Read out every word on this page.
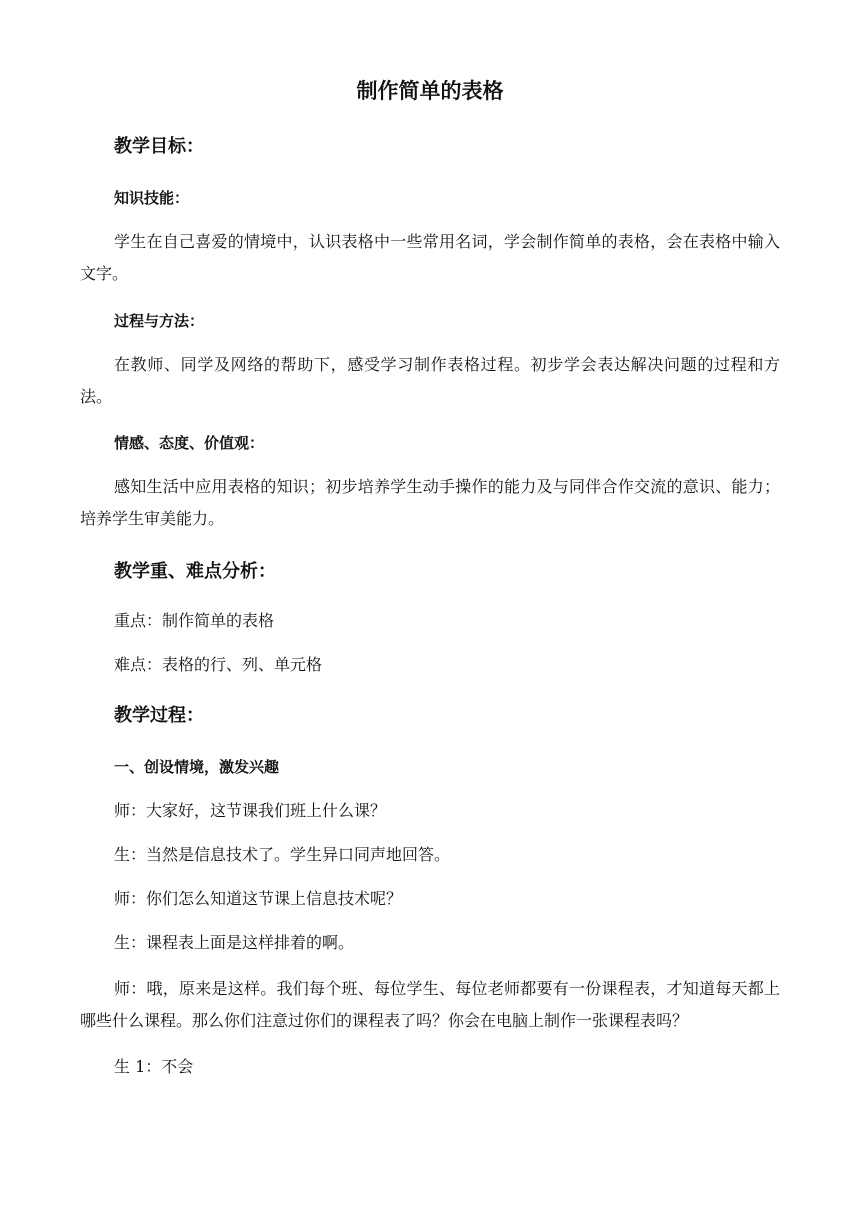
制作简单的表格
教学目标：
知识技能：

学生在自己喜爱的情境中，认识表格中一些常用名词，学会制作简单的表格，会在表格中输入文字。

过程与方法：

在教师、同学及网络的帮助下，感受学习制作表格过程。初步学会表达解决问题的过程和方法。

情感、态度、价值观：

感知生活中应用表格的知识；初步培养学生动手操作的能力及与同伴合作交流的意识、能力；培养学生审美能力。

教学重、难点分析：

重点：制作简单的表格

难点：表格的行、列、单元格

教学过程：
一、创设情境，激发兴趣

师：大家好，这节课我们班上什么课？

生：当然是信息技术了。学生异口同声地回答。

师：你们怎么知道这节课上信息技术呢？

生：课程表上面是这样排着的啊。

师：哦，原来是这样。我们每个班、每位学生、每位老师都要有一份课程表，才知道每天都上哪些什么课程。那么你们注意过你们的课程表了吗？你会在电脑上制作一张课程表吗？

生 1：不会
